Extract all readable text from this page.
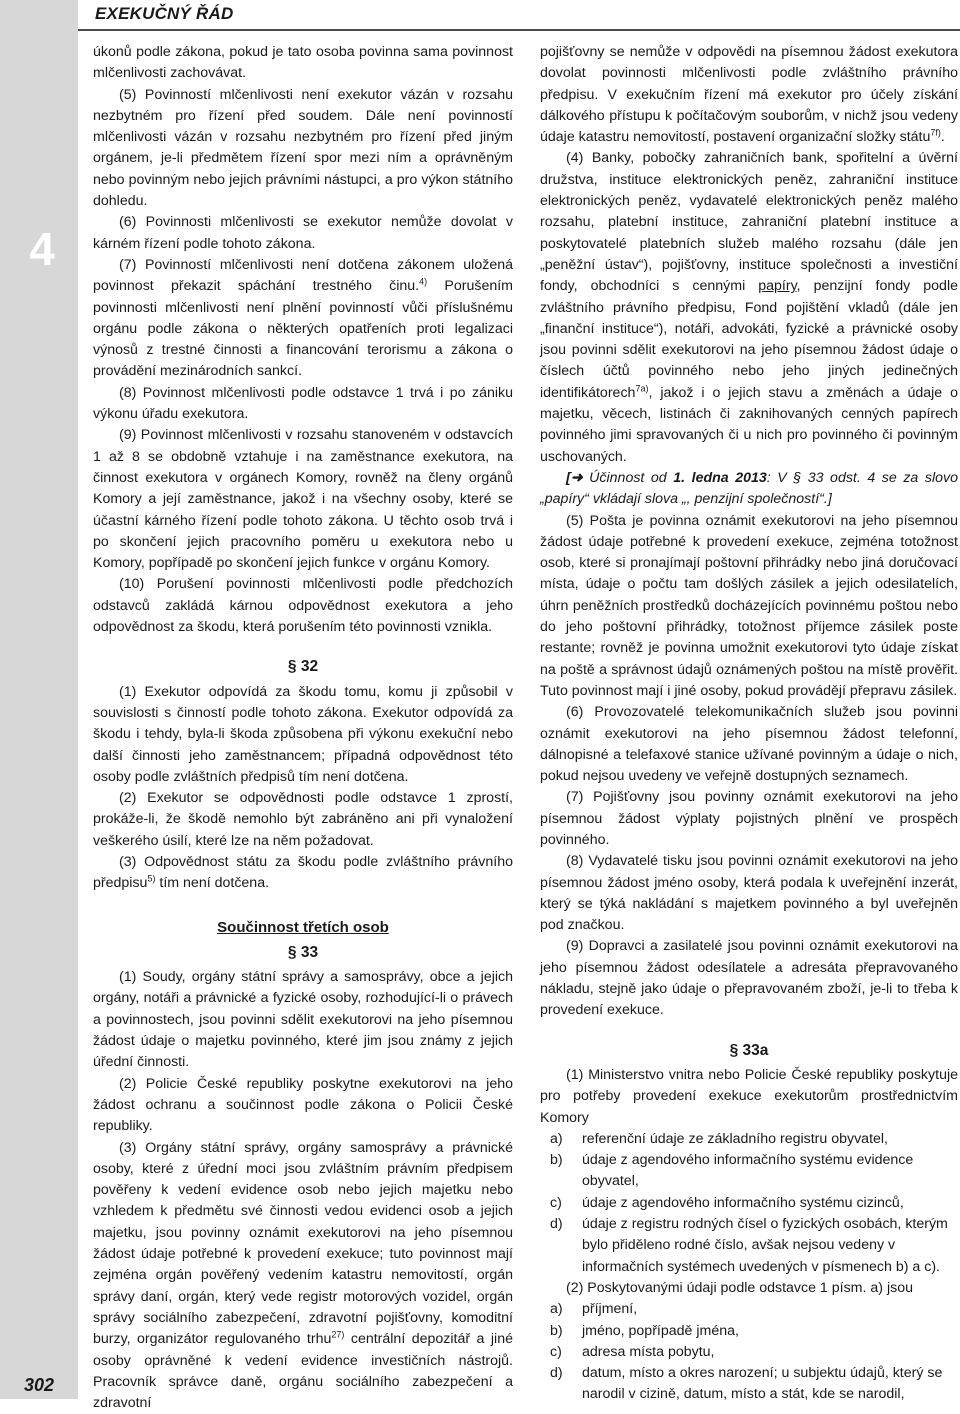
EXEKUČNÝ ŘÁD
4
302

úkonů podle zákona, pokud je tato osoba povinna sama povinnost mlčenlivosti zachovávat.

(5) Povinností mlčenlivosti není exekutor vázán v rozsahu nezbytném pro řízení před soudem. Dále není povinností mlčenlivosti vázán v rozsahu nezbytném pro řízení před jiným orgánem, je-li předmětem řízení spor mezi ním a oprávněným nebo povinným nebo jejich právními nástupci, a pro výkon státního dohledu.

(6) Povinnosti mlčenlivosti se exekutor nemůže dovolat v kárném řízení podle tohoto zákona.

(7) Povinností mlčenlivosti není dotčena zákonem uložená povinnost překazit spáchání trestného činu.$^{4)}$ Porušením povinnosti mlčenlivosti není plnění povinností vůči příslušnému orgánu podle zákona o některých opatřeních proti legalizaci výnosů z trestné činnosti a financování terorismu a zákona o provádění mezinárodních sankcí.

(8) Povinnost mlčenlivosti podle odstavce 1 trvá i po zániku výkonu úřadu exekutora.

(9) Povinnost mlčenlivosti v rozsahu stanoveném v odstavcích 1 až 8 se obdobně vztahuje i na zaměstnance exekutora, na činnost exekutora v orgánech Komory, rovněž na členy orgánů Komory a její zaměstnance, jakož i na všechny osoby, které se účastní kárného řízení podle tohoto zákona. U těchto osob trvá i po skončení jejich pracovního poměru u exekutora nebo u Komory, popřípadě po skončení jejich funkce v orgánu Komory.

(10) Porušení povinnosti mlčenlivosti podle předchozích odstavců zakládá kárnou odpovědnost exekutora a jeho odpovědnost za škodu, která porušením této povinnosti vznikla.

§ 32

(1) Exekutor odpovídá za škodu tomu, komu ji způsobil v souvislosti s činností podle tohoto zákona. Exekutor odpovídá za škodu i tehdy, byla-li škoda způsobena při výkonu exekuční nebo další činnosti jeho zaměstnancem; případná odpovědnost této osoby podle zvláštních předpisů tím není dotčena.

(2) Exekutor se odpovědnosti podle odstavce 1 zprostí, prokáže-li, že škodě nemohlo být zabráněno ani při vynaložení veškerého úsilí, které lze na něm požadovat.

(3) Odpovědnost státu za škodu podle zvláštního právního předpisu$^{5)}$ tím není dotčena.

Součinnost třetích osob
§ 33

(1) Soudy, orgány státní správy a samosprávy, obce a jejich orgány, notáři a právnické a fyzické osoby, rozhodující-li o právech a povinnostech, jsou povinni sdělit exekutorovi na jeho písemnou žádost údaje o majetku povinného, které jim jsou známy z jejich úřední činnosti.

(2) Policie České republiky poskytne exekutorovi na jeho žádost ochranu a součinnost podle zákona o Policii České republiky.

(3) Orgány státní správy, orgány samosprávy a právnické osoby, které z úřední moci jsou zvláštním právním předpisem pověřeny k vedení evidence osob nebo jejich majetku nebo vzhledem k předmětu své činnosti vedou evidenci osob a jejich majetku, jsou povinny oznámit exekutorovi na jeho písemnou žádost údaje potřebné k provedení exekuce; tuto povinnost mají zejména orgán pověřený vedením katastru nemovitostí, orgán správy daní, orgán, který vede registr motorových vozidel, orgán správy sociálního zabezpečení, zdravotní pojišťovny, komoditní burzy, organizátor regulovaného trhu$^{27)}$ centrální depozitář a jiné osoby oprávněné k vedení evidence investičních nástrojů. Pracovník správce daně, orgánu sociálního zabezpečení a zdravotní

pojišťovny se nemůže v odpovědi na písemnou žádost exekutora dovolat povinnosti mlčenlivosti podle zvláštního právního předpisu. V exekučním řízení má exekutor pro účely získání dálkového přístupu k počítačovým souborům, v nichž jsou vedeny údaje katastru nemovitostí, postavení organizační složky státu$^{7f)}$.

(4) Banky, pobočky zahraničních bank, spořitelní a úvěrní družstva, instituce elektronických peněz, zahraniční instituce elektronických peněz, vydavatelé elektronických peněz malého rozsahu, platební instituce, zahraniční platební instituce a poskytovatelé platebních služeb malého rozsahu (dále jen „peněžní ústav“), pojišťovny, instituce společnosti a investiční fondy, obchodníci s cennými papíry, penzijní fondy podle zvláštního právního předpisu, Fond pojištění vkladů (dále jen „finanční instituce“), notáři, advokáti, fyzické a právnické osoby jsou povinni sdělit exekutorovi na jeho písemnou žádost údaje o číslech účtů povinného nebo jeho jiných jedinečných identifikátorech$^{7a)}$, jakož i o jejich stavu a změnách a údaje o majetku, věcech, listinách či zaknihovaných cenných papírech povinného jimi spravovaných či u nich pro povinného či povinným uschovaných.

[➜ Účinnost od 1. ledna 2013: V § 33 odst. 4 se za slovo „papíry“ vkládají slova „, penzijní společností“.]

(5) Pošta je povinna oznámit exekutorovi na jeho písemnou žádost údaje potřebné k provedení exekuce, zejména totožnost osob, které si pronajímají poštovní přihrádky nebo jiná doručovací místa, údaje o počtu tam došlých zásilek a jejich odesilatelích, úhrn peněžních prostředků docházejících povinnému poštou nebo do jeho poštovní přihrádky, totožnost příjemce zásilek poste restante; rovněž je povinna umožnit exekutorovi tyto údaje získat na poště a správnost údajů oznámených poštou na místě prověřit. Tuto povinnost mají i jiné osoby, pokud provádějí přepravu zásilek.

(6) Provozovatelé telekomunikačních služeb jsou povinni oznámit exekutorovi na jeho písemnou žádost telefonní, dálnopisné a telefaxové stanice užívané povinným a údaje o nich, pokud nejsou uvedeny ve veřejně dostupných seznamech.

(7) Pojišťovny jsou povinny oznámit exekutorovi na jeho písemnou žádost výplaty pojistných plnění ve prospěch povinného.

(8) Vydavatelé tisku jsou povinni oznámit exekutorovi na jeho písemnou žádost jméno osoby, která podala k uveřejnění inzerát, který se týká nakládání s majetkem povinného a byl uveřejněn pod značkou.

(9) Dopravci a zasilatelé jsou povinni oznámit exekutorovi na jeho písemnou žádost odesílatele a adresáta přepravovaného nákladu, stejně jako údaje o přepravovaném zboží, je-li to třeba k provedení exekuce.

§ 33a

(1) Ministerstvo vnitra nebo Policie České republiky poskytuje pro potřeby provedení exekuce exekutorům prostřednictvím Komory

a)	referenční údaje ze základního registru obyvatel,
b)	údaje z agendového informačního systému evidence obyvatel,
c)	údaje z agendového informačního systému cizinců,
d)	údaje z registru rodných čísel o fyzických osobách, kterým bylo přiděleno rodné číslo, avšak nejsou vedeny v informačních systémech uvedených v písmenech b) a c).

(2) Poskytovanými údaji podle odstavce 1 písm. a) jsou

a)	příjmení,
b)	jméno, popřípadě jména,
c)	adresa místa pobytu,
d)	datum, místo a okres narození; u subjektu údajů, který se narodil v cizině, datum, místo a stát, kde se narodil,
